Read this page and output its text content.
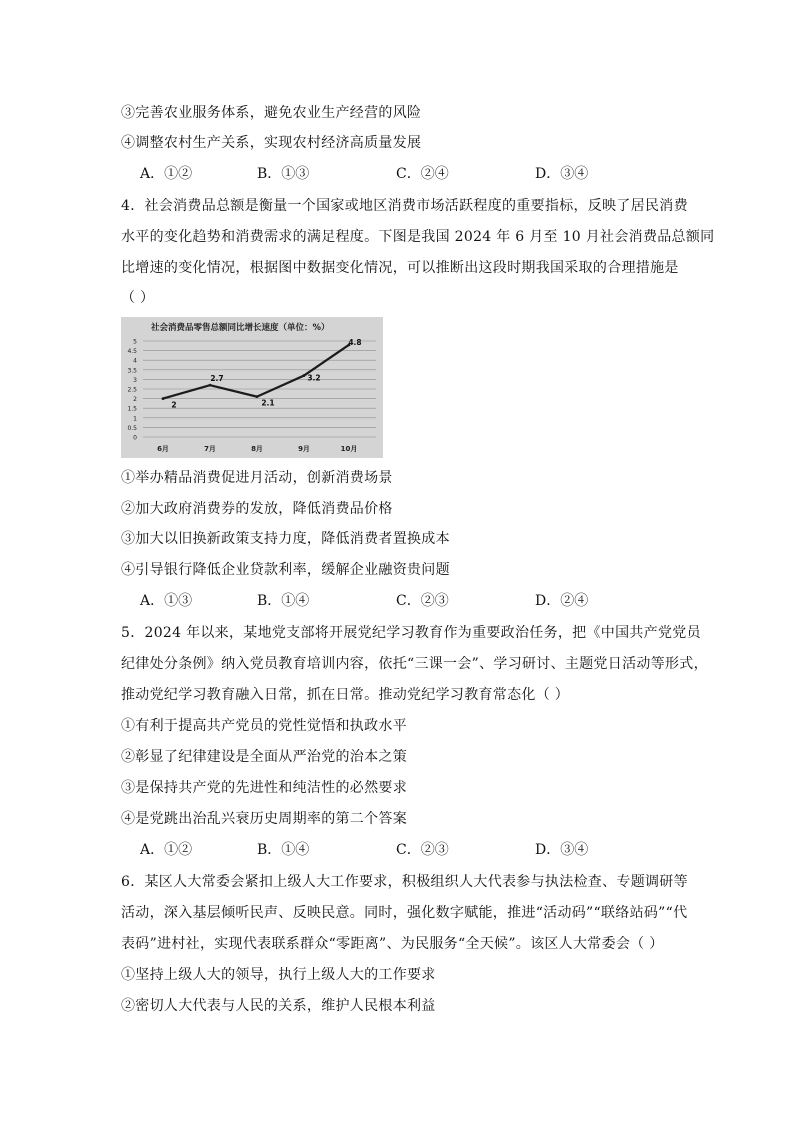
③完善农业服务体系，避免农业生产经营的风险
④调整农村生产关系，实现农村经济高质量发展
A．①②	B．①③	C．②④	D．③④
4．社会消费品总额是衡量一个国家或地区消费市场活跃程度的重要指标，反映了居民消费
水平的变化趋势和消费需求的满足程度。下图是我国 2024 年 6 月至 10 月社会消费品总额同
比增速的变化情况，根据图中数据变化情况，可以推断出这段时期我国采取的合理措施是
（ ）
社会消费品零售总额同比增长速度（单位：%）
0
0.5
1
1.5
2
2.5
3
3.5
4
4.5
5
6月	7月	8月	9月	10月
2
2.7
2.1
3.2
4.8
①举办精品消费促进月活动，创新消费场景
②加大政府消费券的发放，降低消费品价格
③加大以旧换新政策支持力度，降低消费者置换成本
④引导银行降低企业贷款利率，缓解企业融资贵问题
A．①③	B．①④	C．②③	D．②④
5．2024 年以来，某地党支部将开展党纪学习教育作为重要政治任务，把《中国共产党党员
纪律处分条例》纳入党员教育培训内容，依托“三课一会”、学习研讨、主题党日活动等形式，
推动党纪学习教育融入日常，抓在日常。推动党纪学习教育常态化（ ）
①有利于提高共产党员的党性觉悟和执政水平
②彰显了纪律建设是全面从严治党的治本之策
③是保持共产党的先进性和纯洁性的必然要求
④是党跳出治乱兴衰历史周期率的第二个答案
A．①②	B．①④	C．②③	D．③④
6．某区人大常委会紧扣上级人大工作要求，积极组织人大代表参与执法检查、专题调研等
活动，深入基层倾听民声、反映民意。同时，强化数字赋能，推进“活动码”“联络站码”“代
表码”进村社，实现代表联系群众“零距离”、为民服务“全天候”。该区人大常委会（ ）
①坚持上级人大的领导，执行上级人大的工作要求
②密切人大代表与人民的关系，维护人民根本利益
